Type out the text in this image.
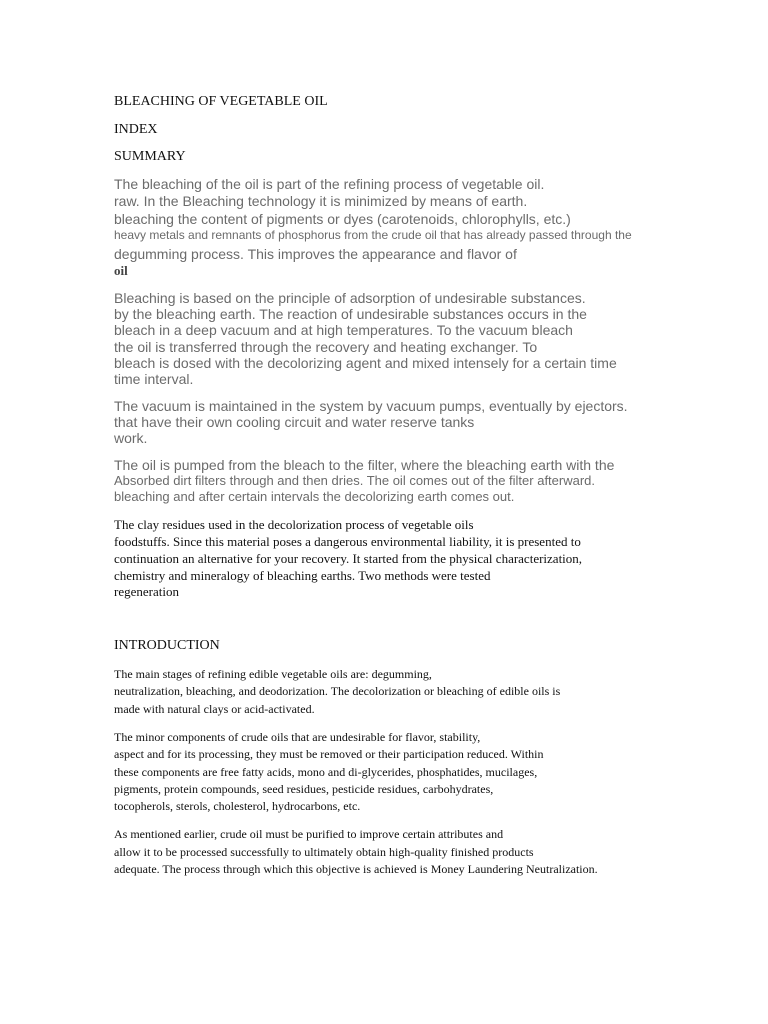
BLEACHING OF VEGETABLE OIL
INDEX
SUMMARY
The bleaching of the oil is part of the refining process of vegetable oil.
raw. In the Bleaching technology it is minimized by means of earth.
bleaching the content of pigments or dyes (carotenoids, chlorophylls, etc.)
heavy metals and remnants of phosphorus from the crude oil that has already passed through the
degumming process. This improves the appearance and flavor of
oil
Bleaching is based on the principle of adsorption of undesirable substances.
by the bleaching earth. The reaction of undesirable substances occurs in the
bleach in a deep vacuum and at high temperatures. To the vacuum bleach
the oil is transferred through the recovery and heating exchanger. To
bleach is dosed with the decolorizing agent and mixed intensely for a certain time
time interval.
The vacuum is maintained in the system by vacuum pumps, eventually by ejectors.
that have their own cooling circuit and water reserve tanks
work.
The oil is pumped from the bleach to the filter, where the bleaching earth with the
Absorbed dirt filters through and then dries. The oil comes out of the filter afterward.
bleaching and after certain intervals the decolorizing earth comes out.
The clay residues used in the decolorization process of vegetable oils
foodstuffs. Since this material poses a dangerous environmental liability, it is presented to
continuation an alternative for your recovery. It started from the physical characterization,
chemistry and mineralogy of bleaching earths. Two methods were tested
regeneration
INTRODUCTION
The main stages of refining edible vegetable oils are: degumming,
neutralization, bleaching, and deodorization. The decolorization or bleaching of edible oils is
made with natural clays or acid-activated.
The minor components of crude oils that are undesirable for flavor, stability,
aspect and for its processing, they must be removed or their participation reduced. Within
these components are free fatty acids, mono and di-glycerides, phosphatides, mucilages,
pigments, protein compounds, seed residues, pesticide residues, carbohydrates,
tocopherols, sterols, cholesterol, hydrocarbons, etc.
As mentioned earlier, crude oil must be purified to improve certain attributes and
allow it to be processed successfully to ultimately obtain high-quality finished products
adequate. The process through which this objective is achieved is Money Laundering Neutralization.
